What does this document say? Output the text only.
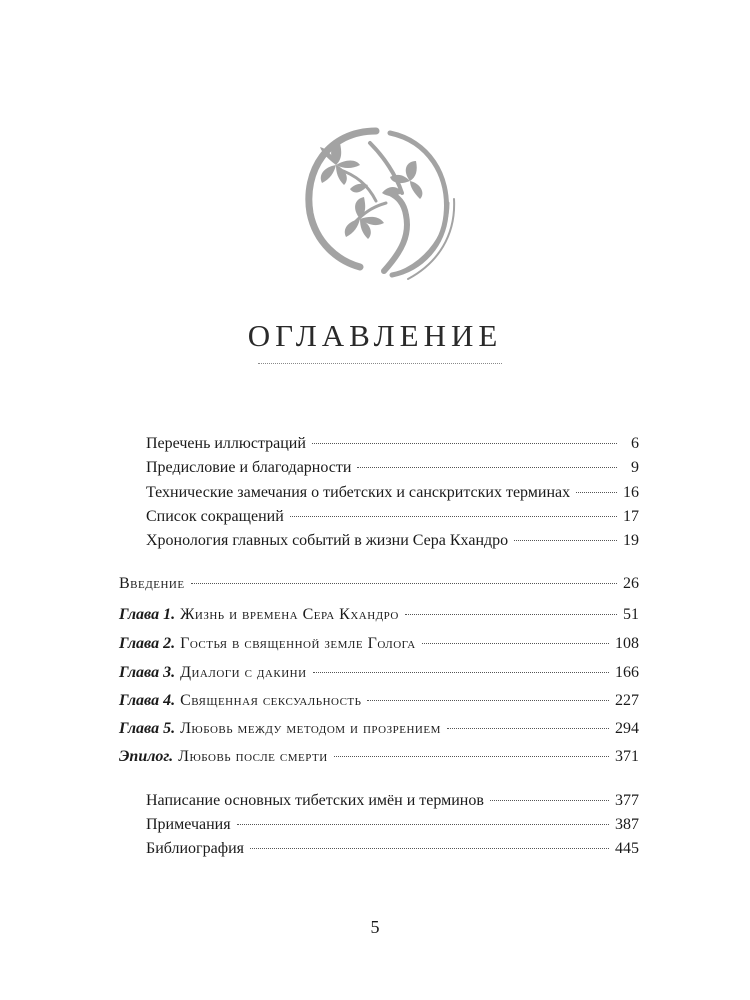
ОГЛАВЛЕНИЕ
Перечень иллюстраций	6
Предисловие и благодарности	9
Технические замечания о тибетских и санскритских терминах	16
Список сокращений	17
Хронология главных событий в жизни Сера Кхандро	19
Введение	26
Глава 1. Жизнь и времена Сера Кхандро	51
Глава 2. Гостья в священной земле Голога	108
Глава 3. Диалоги с дакини	166
Глава 4. Священная сексуальность	227
Глава 5. Любовь между методом и прозрением	294
Эпилог. Любовь после смерти	371
Написание основных тибетских имён и терминов	377
Примечания	387
Библиография	445
5
